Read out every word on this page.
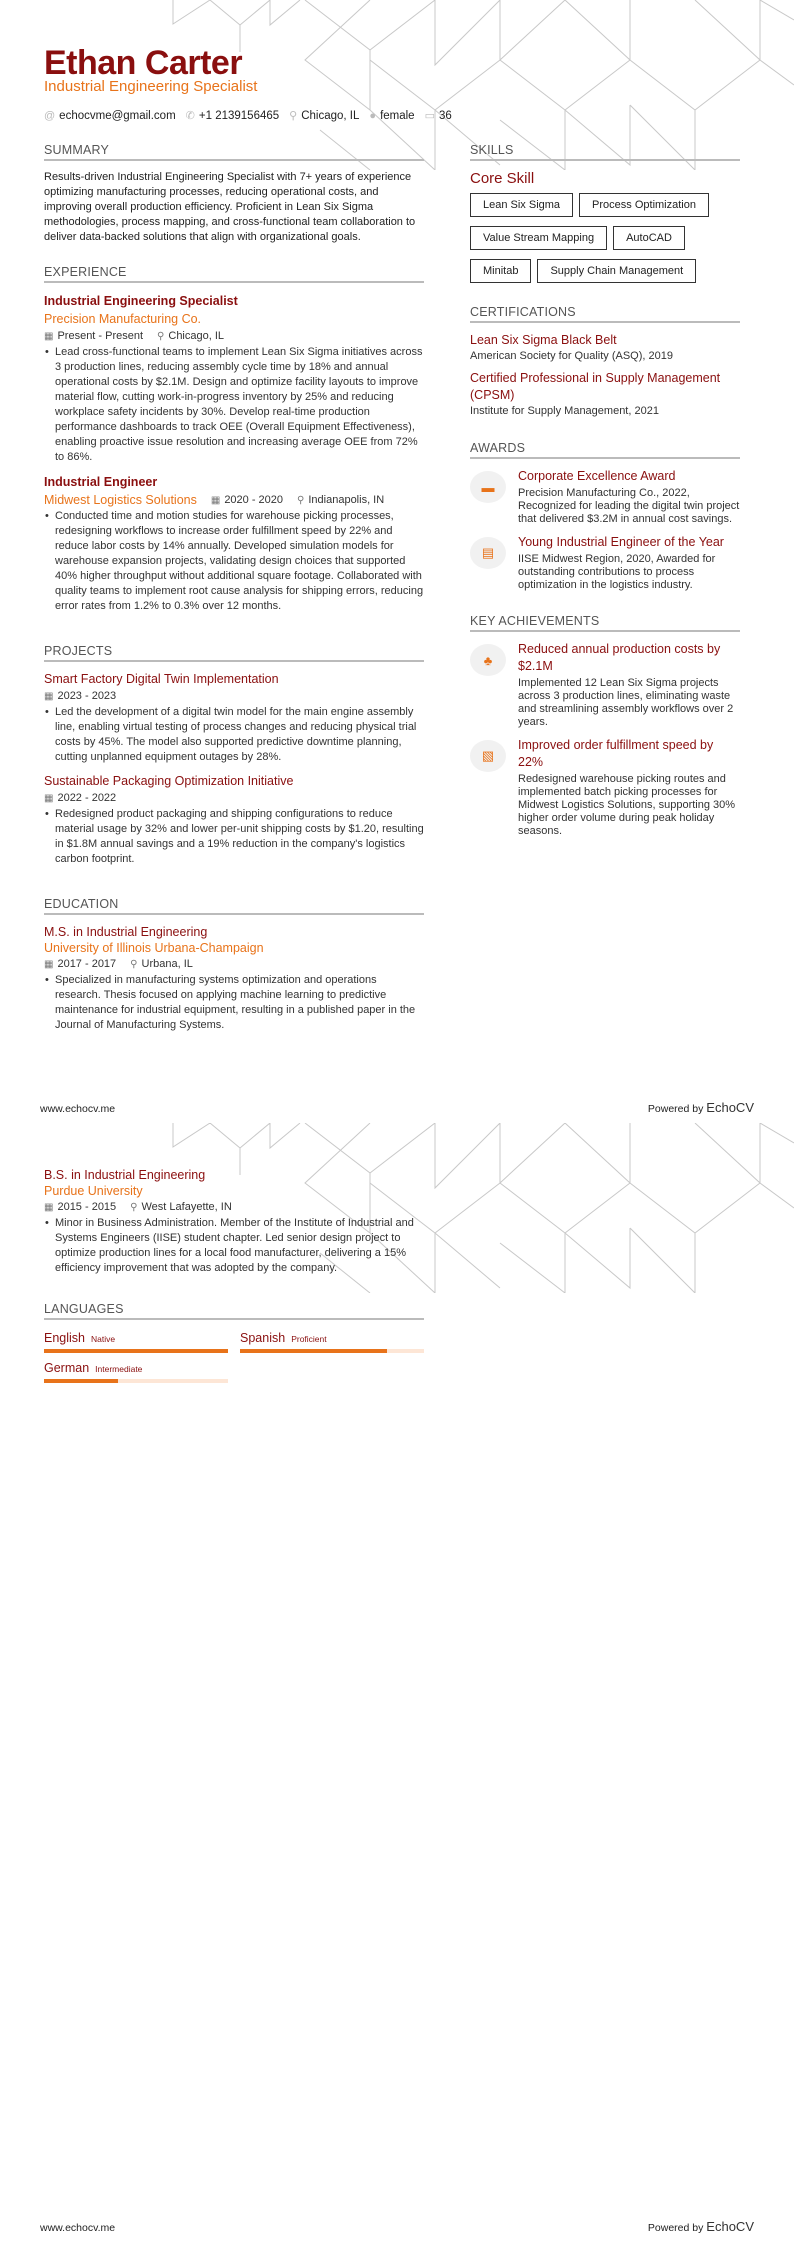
Ethan Carter
Industrial Engineering Specialist
@ echocvme@gmail.com ✆ +1 2139156465 ⚲ Chicago, IL ● female ▭ 36
SUMMARY
Results-driven Industrial Engineering Specialist with 7+ years of experience optimizing manufacturing processes, reducing operational costs, and improving overall production efficiency. Proficient in Lean Six Sigma methodologies, process mapping, and cross-functional team collaboration to deliver data-backed solutions that align with organizational goals.
EXPERIENCE
Industrial Engineering Specialist
Precision Manufacturing Co.
▦ Present - Present ⚲ Chicago, IL
• Lead cross-functional teams to implement Lean Six Sigma initiatives across 3 production lines, reducing assembly cycle time by 18% and annual operational costs by $2.1M. Design and optimize facility layouts to improve material flow, cutting work-in-progress inventory by 25% and reducing workplace safety incidents by 30%. Develop real-time production performance dashboards to track OEE (Overall Equipment Effectiveness), enabling proactive issue resolution and increasing average OEE from 72% to 86%.
Industrial Engineer
Midwest Logistics Solutions ▦ 2020 - 2020 ⚲ Indianapolis, IN
• Conducted time and motion studies for warehouse picking processes, redesigning workflows to increase order fulfillment speed by 22% and reduce labor costs by 14% annually. Developed simulation models for warehouse expansion projects, validating design choices that supported 40% higher throughput without additional square footage. Collaborated with quality teams to implement root cause analysis for shipping errors, reducing error rates from 1.2% to 0.3% over 12 months.
PROJECTS
Smart Factory Digital Twin Implementation
▦ 2023 - 2023
• Led the development of a digital twin model for the main engine assembly line, enabling virtual testing of process changes and reducing physical trial costs by 45%. The model also supported predictive downtime planning, cutting unplanned equipment outages by 28%.
Sustainable Packaging Optimization Initiative
▦ 2022 - 2022
• Redesigned product packaging and shipping configurations to reduce material usage by 32% and lower per-unit shipping costs by $1.20, resulting in $1.8M annual savings and a 19% reduction in the company's logistics carbon footprint.
EDUCATION
M.S. in Industrial Engineering
University of Illinois Urbana-Champaign
▦ 2017 - 2017 ⚲ Urbana, IL
• Specialized in manufacturing systems optimization and operations research. Thesis focused on applying machine learning to predictive maintenance for industrial equipment, resulting in a published paper in the Journal of Manufacturing Systems.
SKILLS
Core Skill
Lean Six Sigma	Process Optimization
Value Stream Mapping	AutoCAD
Minitab	Supply Chain Management
CERTIFICATIONS
Lean Six Sigma Black Belt
American Society for Quality (ASQ), 2019
Certified Professional in Supply Management (CPSM)
Institute for Supply Management, 2021
AWARDS
▬
Corporate Excellence Award
Precision Manufacturing Co., 2022, Recognized for leading the digital twin project that delivered $3.2M in annual cost savings.
▤
Young Industrial Engineer of the Year
IISE Midwest Region, 2020, Awarded for outstanding contributions to process optimization in the logistics industry.
KEY ACHIEVEMENTS
♣
Reduced annual production costs by $2.1M
Implemented 12 Lean Six Sigma projects across 3 production lines, eliminating waste and streamlining assembly workflows over 2 years.
▧
Improved order fulfillment speed by 22%
Redesigned warehouse picking routes and implemented batch picking processes for Midwest Logistics Solutions, supporting 30% higher order volume during peak holiday seasons.
www.echocv.me	Powered by EchoCV
B.S. in Industrial Engineering
Purdue University
▦ 2015 - 2015 ⚲ West Lafayette, IN
• Minor in Business Administration. Member of the Institute of Industrial and Systems Engineers (IISE) student chapter. Led senior design project to optimize production lines for a local food manufacturer, delivering a 15% efficiency improvement that was adopted by the company.
LANGUAGES
English Native	Spanish Proficient
German Intermediate
www.echocv.me	Powered by EchoCV
